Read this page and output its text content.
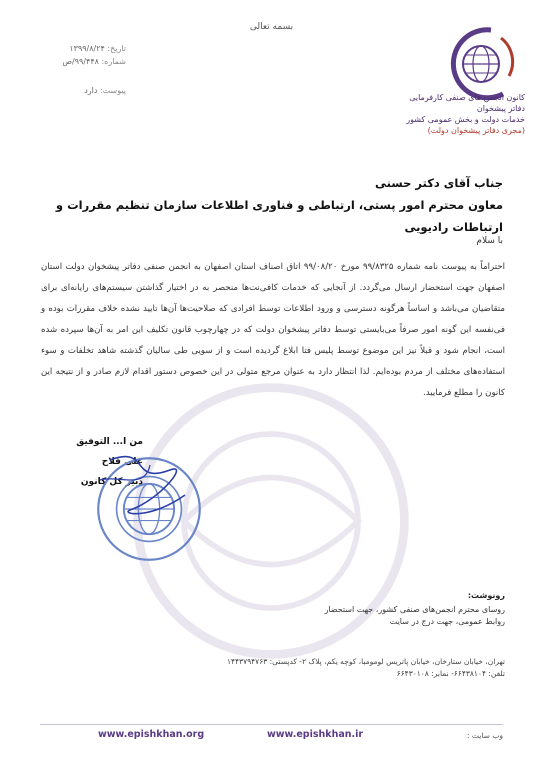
بسمه تعالی
تاریخ: ۱۳۹۹/۸/۲۴
شماره: ۹۹/۴۴۸/ص
پیوست: دارد
کانون انجمن های صنفی کارفرمایی دفاتر پیشخوان
خدمات دولت و بخش عمومی کشور
(مجری دفاتر پیشخوان دولت)
جناب آقای دکتر حسنی
معاون محترم امور پستی، ارتباطی و فناوری اطلاعات سازمان تنظیم مقررات و ارتباطات رادیویی
با سلام
احتراماً به پیوست نامه شماره ۹۹/۸۳۲۵ مورخ ۹۹/۰۸/۲۰ اتاق اصناف استان اصفهان به انجمن صنفی دفاتر پیشخوان دولت استان اصفهان جهت استحضار ارسال می‌گردد. از آنجایی که خدمات کافی‌نت‌ها منحصر به در اختیار گذاشتن سیستم‌های رایانه‌ای برای متقاضیان می‌باشد و اساساً هرگونه دسترسی و ورود اطلاعات توسط افرادی که صلاحیت‌ها آن‌ها تایید نشده خلاف مقررات بوده و فی‌نفسه این گونه امور صرفاً می‌بایستی توسط دفاتر پیشخوان دولت که در چهارچوب قانون تکلیف این امر به آن‌ها سپرده شده است، انجام شود و قبلاً نیز این موضوع توسط پلیس فتا ابلاغ گردیده است و از سویی طی سالیان گذشته شاهد تخلفات و سوء استفاده‌های مختلف از مردم بوده‌ایم. لذا انتظار دارد به عنوان مرجع متولی در این خصوص دستور اقدام لازم صادر و از نتیجه این کانون را مطلع فرمایید.
من ا... التوفیق
علی فلاح
دبیر کل کانون
رونوشت:
روسای محترم انجمن‌های صنفی کشور، جهت استحضار
روابط عمومی، جهت درج در سایت
تهران، خیابان ستارخان، خیابان پاتریس لومومبا، کوچه یکم، پلاک ۲- کدپستی: ۱۴۴۳۷۹۴۷۶۳
تلفن: ۶۶۴۳۸۱۰۴- نمابر: ۶۶۴۳۰۱۰۸
www.epishkhan.org	www.epishkhan.ir	وب سایت :
